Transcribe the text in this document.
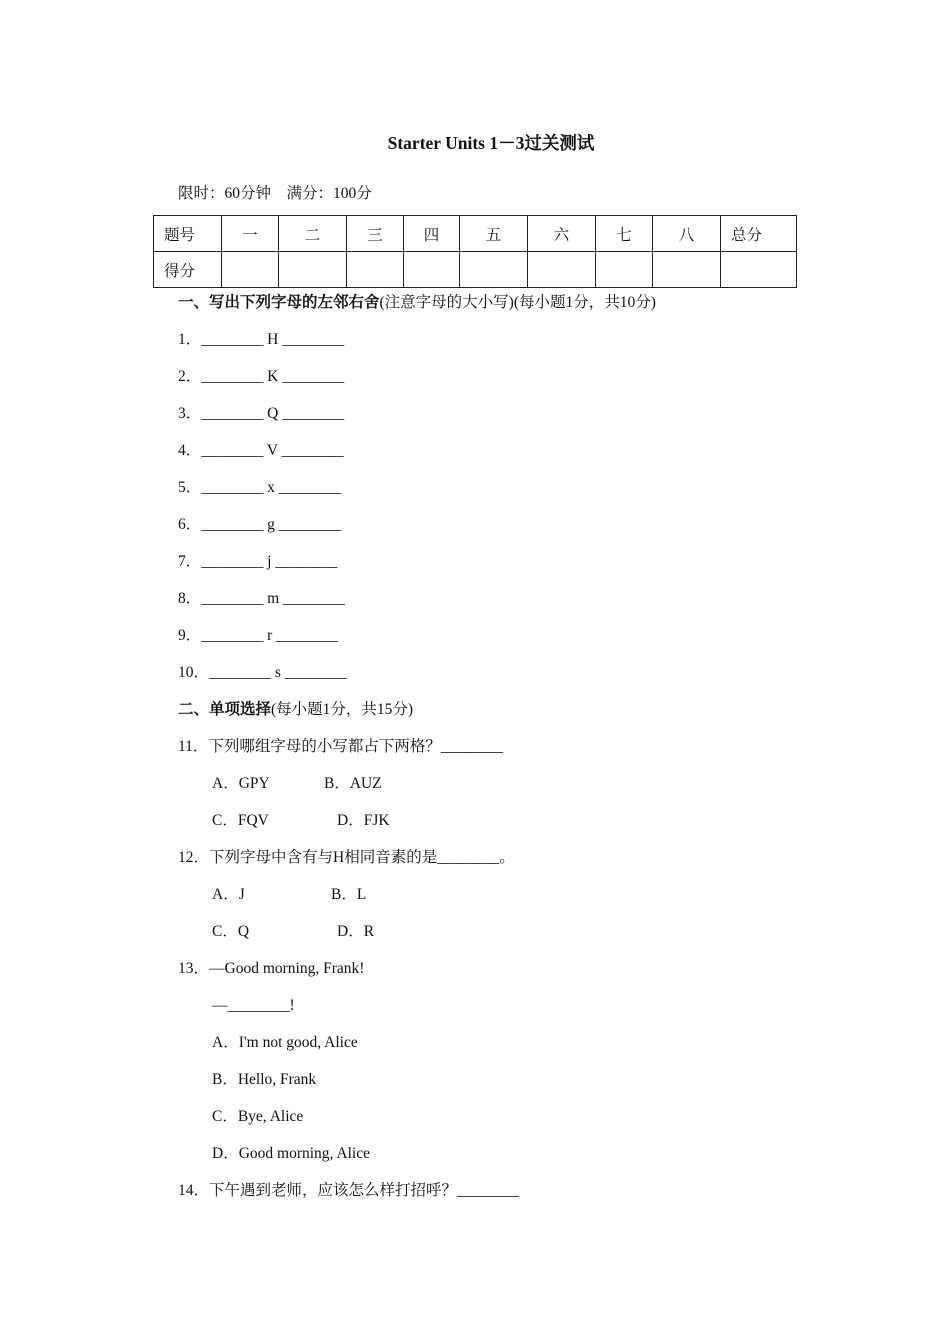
Starter Units 1－3过关测试
限时：60分钟　满分：100分
题号	一	二	三	四	五	六	七	八	总分
得分									
一、写出下列字母的左邻右舍(注意字母的大小写)(每小题1分，共10分)
1．________ H ________
2．________ K ________
3．________ Q ________
4．________ V ________
5．________ x ________
6．________ g ________
7．________ j ________
8．________ m ________
9．________ r ________
10．________ s ________
二、单项选择(每小题1分，共15分)
11．下列哪组字母的小写都占下两格？________
A．GPY	B．AUZ
C．FQV	D．FJK
12．下列字母中含有与H相同音素的是________。
A．J	B．L
C．Q	D．R
13．—Good morning, Frank!
—________!
A．I'm not good, Alice
B．Hello, Frank
C．Bye, Alice
D．Good morning, Alice
14．下午遇到老师，应该怎么样打招呼？________
